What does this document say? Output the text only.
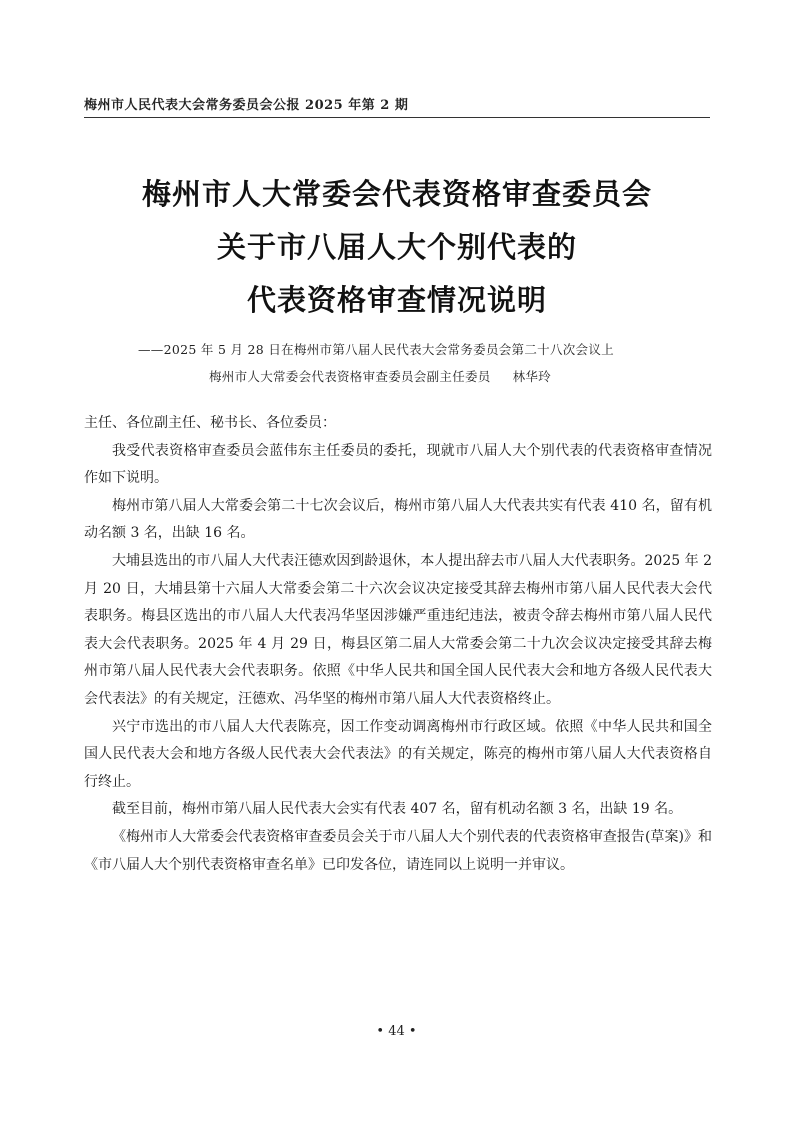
梅州市人民代表大会常务委员会公报 2025 年第 2 期
梅州市人大常委会代表资格审查委员会
关于市八届人大个别代表的
代表资格审查情况说明
——2025 年 5 月 28 日在梅州市第八届人民代表大会常务委员会第二十八次会议上
梅州市人大常委会代表资格审查委员会副主任委员 林华玲

主任、各位副主任、秘书长、各位委员：

我受代表资格审查委员会蓝伟东主任委员的委托，现就市八届人大个别代表的代表资格审查情况作如下说明。

梅州市第八届人大常委会第二十七次会议后，梅州市第八届人大代表共实有代表 410 名，留有机动名额 3 名，出缺 16 名。

大埔县选出的市八届人大代表汪德欢因到龄退休，本人提出辞去市八届人大代表职务。2025 年 2 月 20 日，大埔县第十六届人大常委会第二十六次会议决定接受其辞去梅州市第八届人民代表大会代表职务。梅县区选出的市八届人大代表冯华坚因涉嫌严重违纪违法，被责令辞去梅州市第八届人民代表大会代表职务。2025 年 4 月 29 日，梅县区第二届人大常委会第二十九次会议决定接受其辞去梅州市第八届人民代表大会代表职务。依照《中华人民共和国全国人民代表大会和地方各级人民代表大会代表法》的有关规定，汪德欢、冯华坚的梅州市第八届人大代表资格终止。

兴宁市选出的市八届人大代表陈亮，因工作变动调离梅州市行政区域。依照《中华人民共和国全国人民代表大会和地方各级人民代表大会代表法》的有关规定，陈亮的梅州市第八届人大代表资格自行终止。

截至目前，梅州市第八届人民代表大会实有代表 407 名，留有机动名额 3 名，出缺 19 名。

《梅州市人大常委会代表资格审查委员会关于市八届人大个别代表的代表资格审查报告(草案)》和《市八届人大个别代表资格审查名单》已印发各位，请连同以上说明一并审议。

• 44 •
